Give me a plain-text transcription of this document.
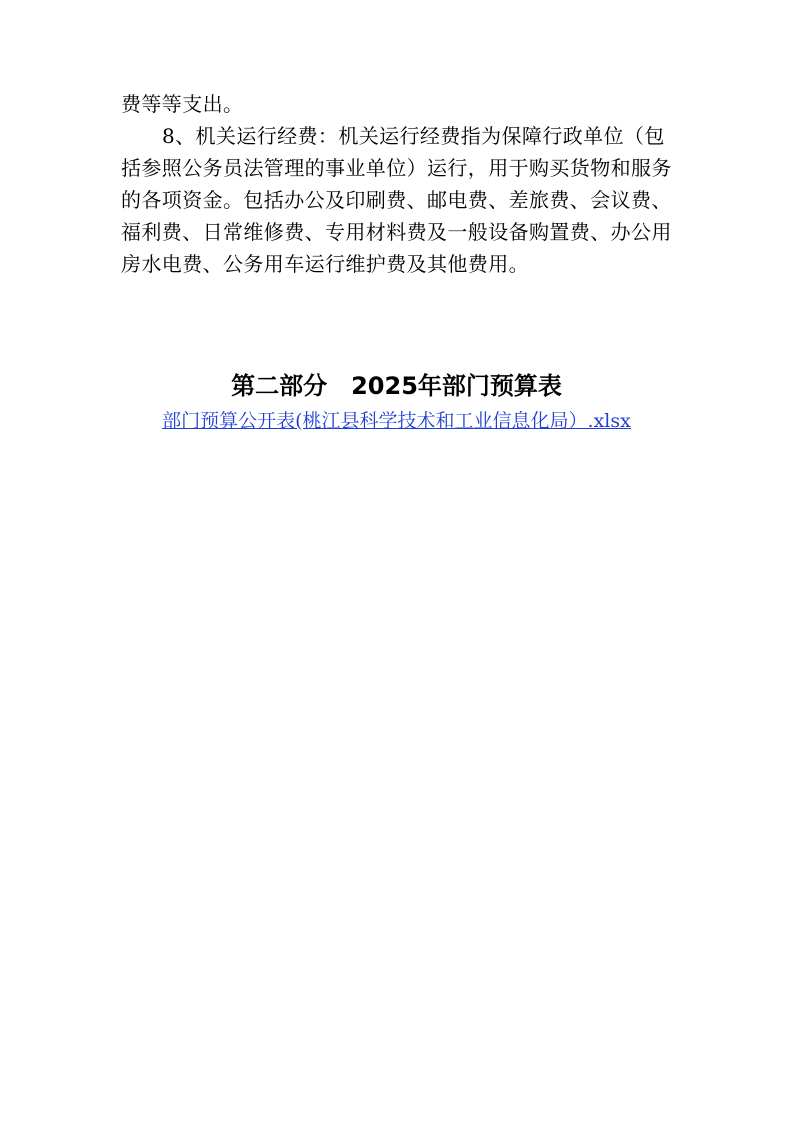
费等等支出。

8、机关运行经费：机关运行经费指为保障行政单位（包括参照公务员法管理的事业单位）运行，用于购买货物和服务的各项资金。包括办公及印刷费、邮电费、差旅费、会议费、福利费、日常维修费、专用材料费及一般设备购置费、办公用房水电费、公务用车运行维护费及其他费用。

第二部分　2025年部门预算表
部门预算公开表(桃江县科学技术和工业信息化局）.xlsx
